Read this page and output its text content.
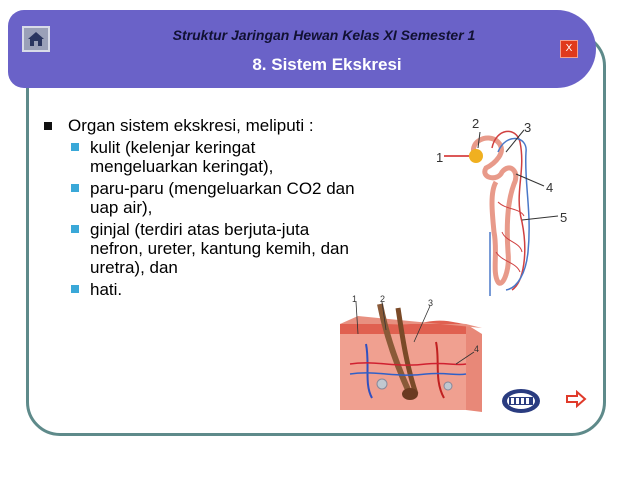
Struktur Jaringan Hewan Kelas XI Semester 1
8. Sistem Ekskresi
X
Organ sistem ekskresi, meliputi :
kulit (kelenjar keringat mengeluarkan keringat),
paru-paru (mengeluarkan CO2 dan uap air),
ginjal (terdiri atas berjuta-juta nefron, ureter, kantung kemih, dan uretra), dan
hati.
1
2	3
4
5
1	2	3
4
